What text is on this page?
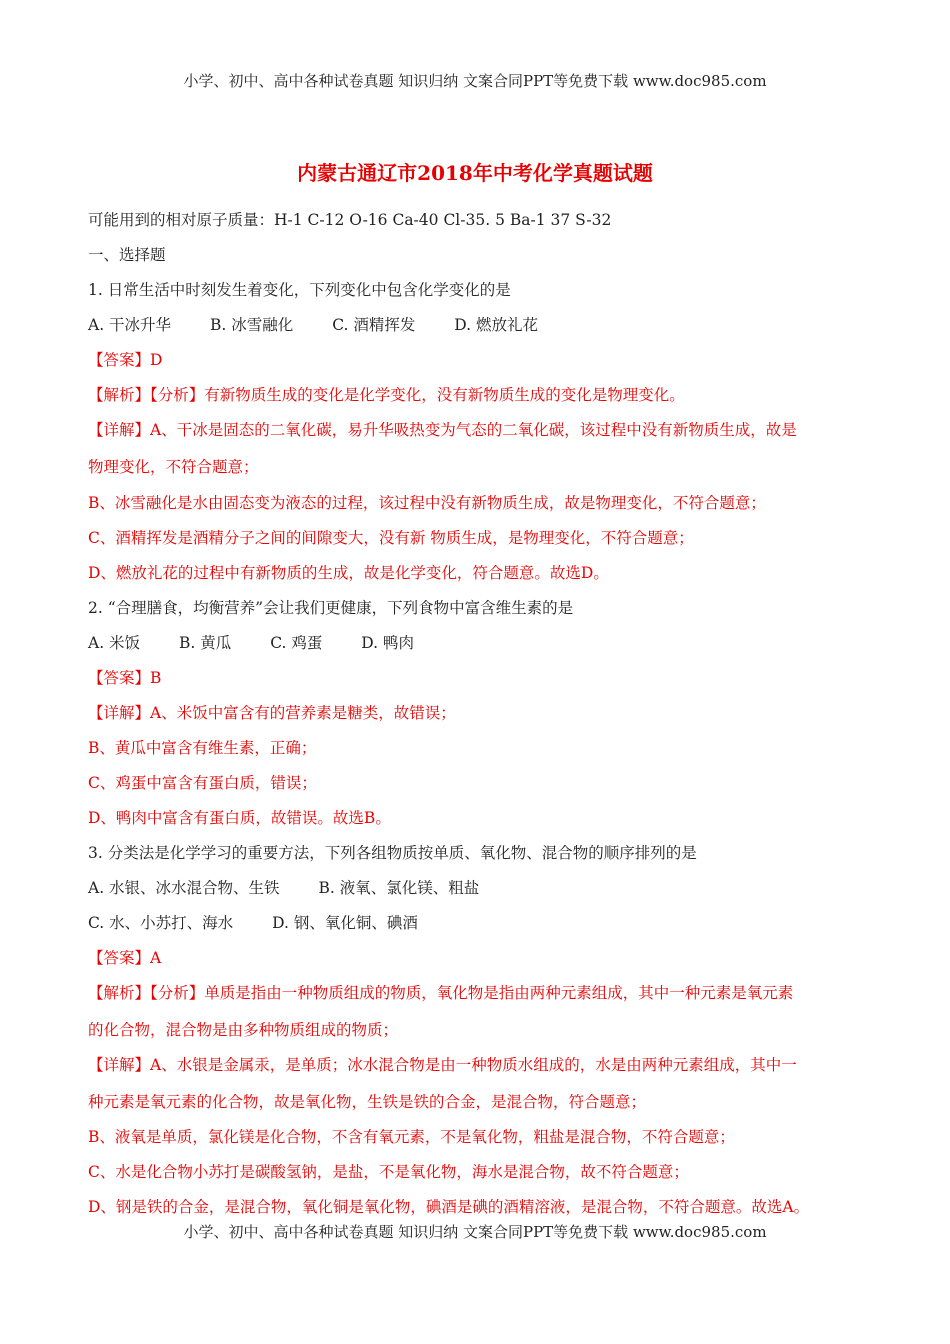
小学、初中、高中各种试卷真题 知识归纳 文案合同PPT等免费下载 www.doc985.com
内蒙古通辽市2018年中考化学真题试题
可能用到的相对原子质量：H-1 C-12 O-16 Ca-40 Cl-35. 5 Ba-1 37 S-32
一、选择题
1. 日常生活中时刻发生着变化，下列变化中包含化学变化的是
A. 干冰升华	B. 冰雪融化	C. 酒精挥发	D. 燃放礼花
【答案】D
【解析】【分析】有新物质生成的变化是化学变化，没有新物质生成的变化是物理变化。
【详解】A、干冰是固态的二氧化碳，易升华吸热变为气态的二氧化碳，该过程中没有新物质生成，故是
物理变化，不符合题意；
B、冰雪融化是水由固态变为液态的过程，该过程中没有新物质生成，故是物理变化，不符合题意；
C、酒精挥发是酒精分子之间的间隙变大，没有新 物质生成，是物理变化，不符合题意；
D、燃放礼花的过程中有新物质的生成，故是化学变化，符合题意。故选D。
2. “合理膳食，均衡营养”会让我们更健康，下列食物中富含维生素的是
A. 米饭	B. 黄瓜	C. 鸡蛋	D. 鸭肉
【答案】B
【详解】A、米饭中富含有的营养素是糖类，故错误；
B、黄瓜中富含有维生素，正确；
C、鸡蛋中富含有蛋白质，错误；
D、鸭肉中富含有蛋白质，故错误。故选B。
3. 分类法是化学学习的重要方法，下列各组物质按单质、氧化物、混合物的顺序排列的是
A. 水银、冰水混合物、生铁	B. 液氧、氯化镁、粗盐
C. 水、小苏打、海水	D. 钢、氧化铜、碘酒
【答案】A
【解析】【分析】单质是指由一种物质组成的物质，氧化物是指由两种元素组成，其中一种元素是氧元素
的化合物，混合物是由多种物质组成的物质；
【详解】A、水银是金属汞，是单质；冰水混合物是由一种物质水组成的，水是由两种元素组成，其中一
种元素是氧元素的化合物，故是氧化物，生铁是铁的合金，是混合物，符合题意；
B、液氧是单质，氯化镁是化合物，不含有氧元素，不是氧化物，粗盐是混合物，不符合题意；
C、水是化合物小苏打是碳酸氢钠，是盐，不是氧化物，海水是混合物，故不符合题意；
D、钢是铁的合金，是混合物，氧化铜是氧化物，碘酒是碘的酒精溶液，是混合物，不符合题意。故选A。
小学、初中、高中各种试卷真题 知识归纳 文案合同PPT等免费下载 www.doc985.com
